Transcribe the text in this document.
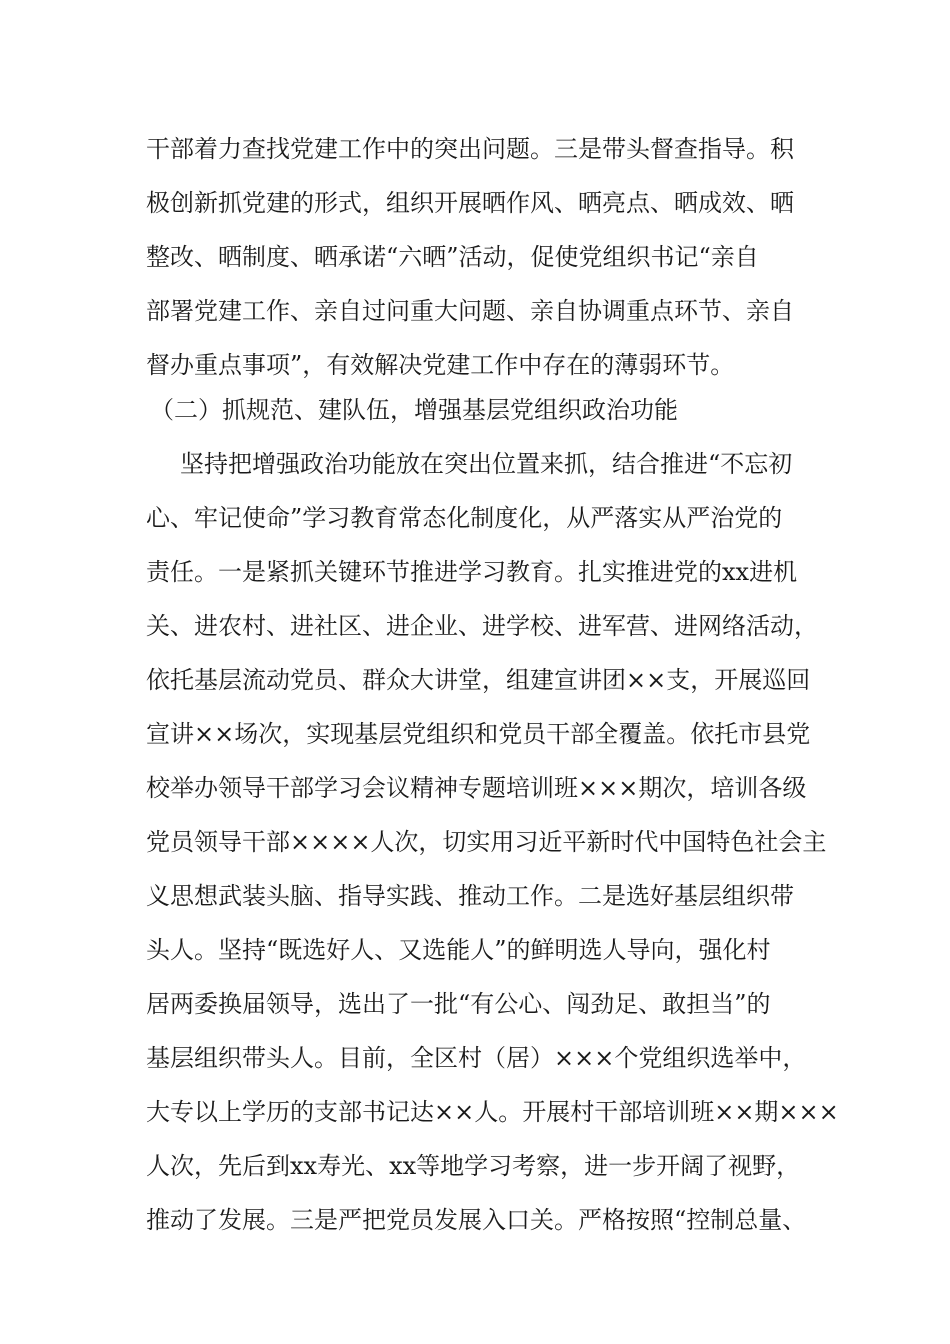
干部着力查找党建工作中的突出问题。三是带头督查指导。积
极创新抓党建的形式，组织开展晒作风、晒亮点、晒成效、晒
整改、晒制度、晒承诺“六晒”活动，促使党组织书记“亲自
部署党建工作、亲自过问重大问题、亲自协调重点环节、亲自
督办重点事项”，有效解决党建工作中存在的薄弱环节。
（二）抓规范、建队伍，增强基层党组织政治功能
坚持把增强政治功能放在突出位置来抓，结合推进“不忘初
心、牢记使命”学习教育常态化制度化，从严落实从严治党的
责任。一是紧抓关键环节推进学习教育。扎实推进党的xx进机
关、进农村、进社区、进企业、进学校、进军营、进网络活动，
依托基层流动党员、群众大讲堂，组建宣讲团××支，开展巡回
宣讲××场次，实现基层党组织和党员干部全覆盖。依托市县党
校举办领导干部学习会议精神专题培训班×××期次，培训各级
党员领导干部××××人次，切实用习近平新时代中国特色社会主
义思想武装头脑、指导实践、推动工作。二是选好基层组织带
头人。坚持“既选好人、又选能人”的鲜明选人导向，强化村
居两委换届领导，选出了一批“有公心、闯劲足、敢担当”的
基层组织带头人。目前，全区村（居）×××个党组织选举中，
大专以上学历的支部书记达××人。开展村干部培训班××期×××
人次，先后到xx寿光、xx等地学习考察，进一步开阔了视野，
推动了发展。三是严把党员发展入口关。严格按照“控制总量、
